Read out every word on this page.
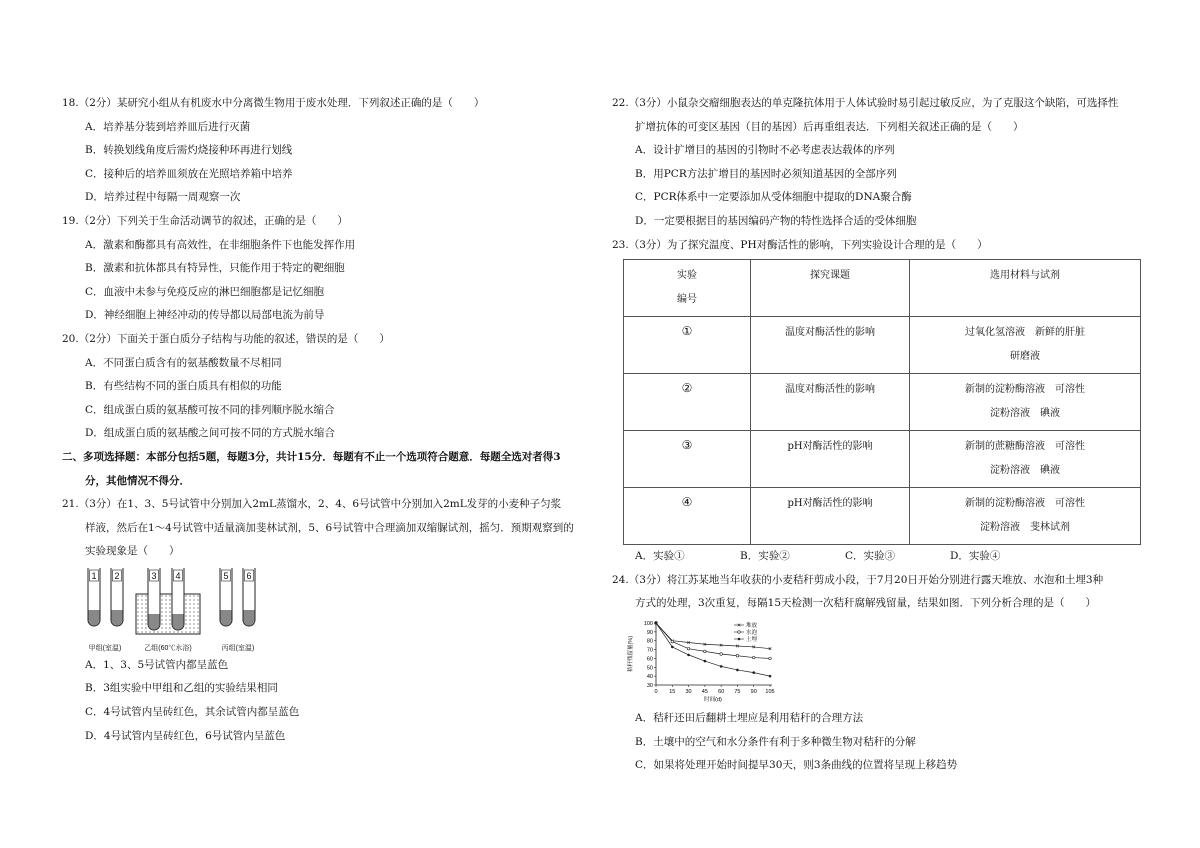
18.（2分）某研究小组从有机废水中分离微生物用于废水处理．下列叙述正确的是（　　）
A．培养基分装到培养皿后进行灭菌
B．转换划线角度后需灼烧接种环再进行划线
C．接种后的培养皿须放在光照培养箱中培养
D．培养过程中每隔一周观察一次
19.（2分）下列关于生命活动调节的叙述，正确的是（　　）
A．激素和酶都具有高效性，在非细胞条件下也能发挥作用
B．激素和抗体都具有特异性，只能作用于特定的靶细胞
C．血液中未参与免疫反应的淋巴细胞都是记忆细胞
D．神经细胞上神经冲动的传导都以局部电流为前导
20.（2分）下面关于蛋白质分子结构与功能的叙述，错误的是（　　）
A．不同蛋白质含有的氨基酸数量不尽相同
B．有些结构不同的蛋白质具有相似的功能
C．组成蛋白质的氨基酸可按不同的排列顺序脱水缩合
D．组成蛋白质的氨基酸之间可按不同的方式脱水缩合
二、多项选择题：本部分包括5题，每题3分，共计15分．每题有不止一个选项符合题意．每题全选对者得3
分，其他情况不得分．
21.（3分）在1、3、5号试管中分别加入2mL蒸馏水，2、4、6号试管中分别加入2mL发芽的小麦种子匀浆
样液，然后在1～4号试管中适量滴加斐林试剂，5、6号试管中合理滴加双缩脲试剂，摇匀．预期观察到的
实验现象是（　　）
1 2	3 4	5 6
甲组(室温)	乙组(60℃水浴)	丙组(室温)
A．1、3、5号试管内都呈蓝色
B．3组实验中甲组和乙组的实验结果相同
C．4号试管内呈砖红色，其余试管内都呈蓝色
D．4号试管内呈砖红色，6号试管内呈蓝色
22.（3分）小鼠杂交瘤细胞表达的单克隆抗体用于人体试验时易引起过敏反应，为了克服这个缺陷，可选择性
扩增抗体的可变区基因（目的基因）后再重组表达．下列相关叙述正确的是（　　）
A．设计扩增目的基因的引物时不必考虑表达载体的序列
B．用PCR方法扩增目的基因时必须知道基因的全部序列
C．PCR体系中一定要添加从受体细胞中提取的DNA聚合酶
D．一定要根据目的基因编码产物的特性选择合适的受体细胞
23.（3分）为了探究温度、PH对酶活性的影响，下列实验设计合理的是（　　）
实验
编号	探究课题	选用材料与试剂
①	温度对酶活性的影响	过氧化氢溶液　新鲜的肝脏
研磨液
②	温度对酶活性的影响	新制的淀粉酶溶液　可溶性
淀粉溶液　碘液
③	pH对酶活性的影响	新制的蔗糖酶溶液　可溶性
淀粉溶液　碘液
④	pH对酶活性的影响	新制的淀粉酶溶液　可溶性
淀粉溶液　斐林试剂
A．实验①	B．实验②	C．实验③	D．实验④
24.（3分）将江苏某地当年收获的小麦秸秆剪成小段，于7月20日开始分别进行露天堆放、水泡和土埋3种
方式的处理，3次重复，每隔15天检测一次秸秆腐解残留量，结果如图．下列分析合理的是（　　）
100
90
80
70
60
50
40
30
0 15 30 45 60 75 90 105
时间(d)
秸秆残留量(%)
堆放
水泡
土埋
A．秸秆还田后翻耕土埋应是利用秸秆的合理方法
B．土壤中的空气和水分条件有利于多种微生物对秸秆的分解
C．如果将处理开始时间提早30天，则3条曲线的位置将呈现上移趋势
